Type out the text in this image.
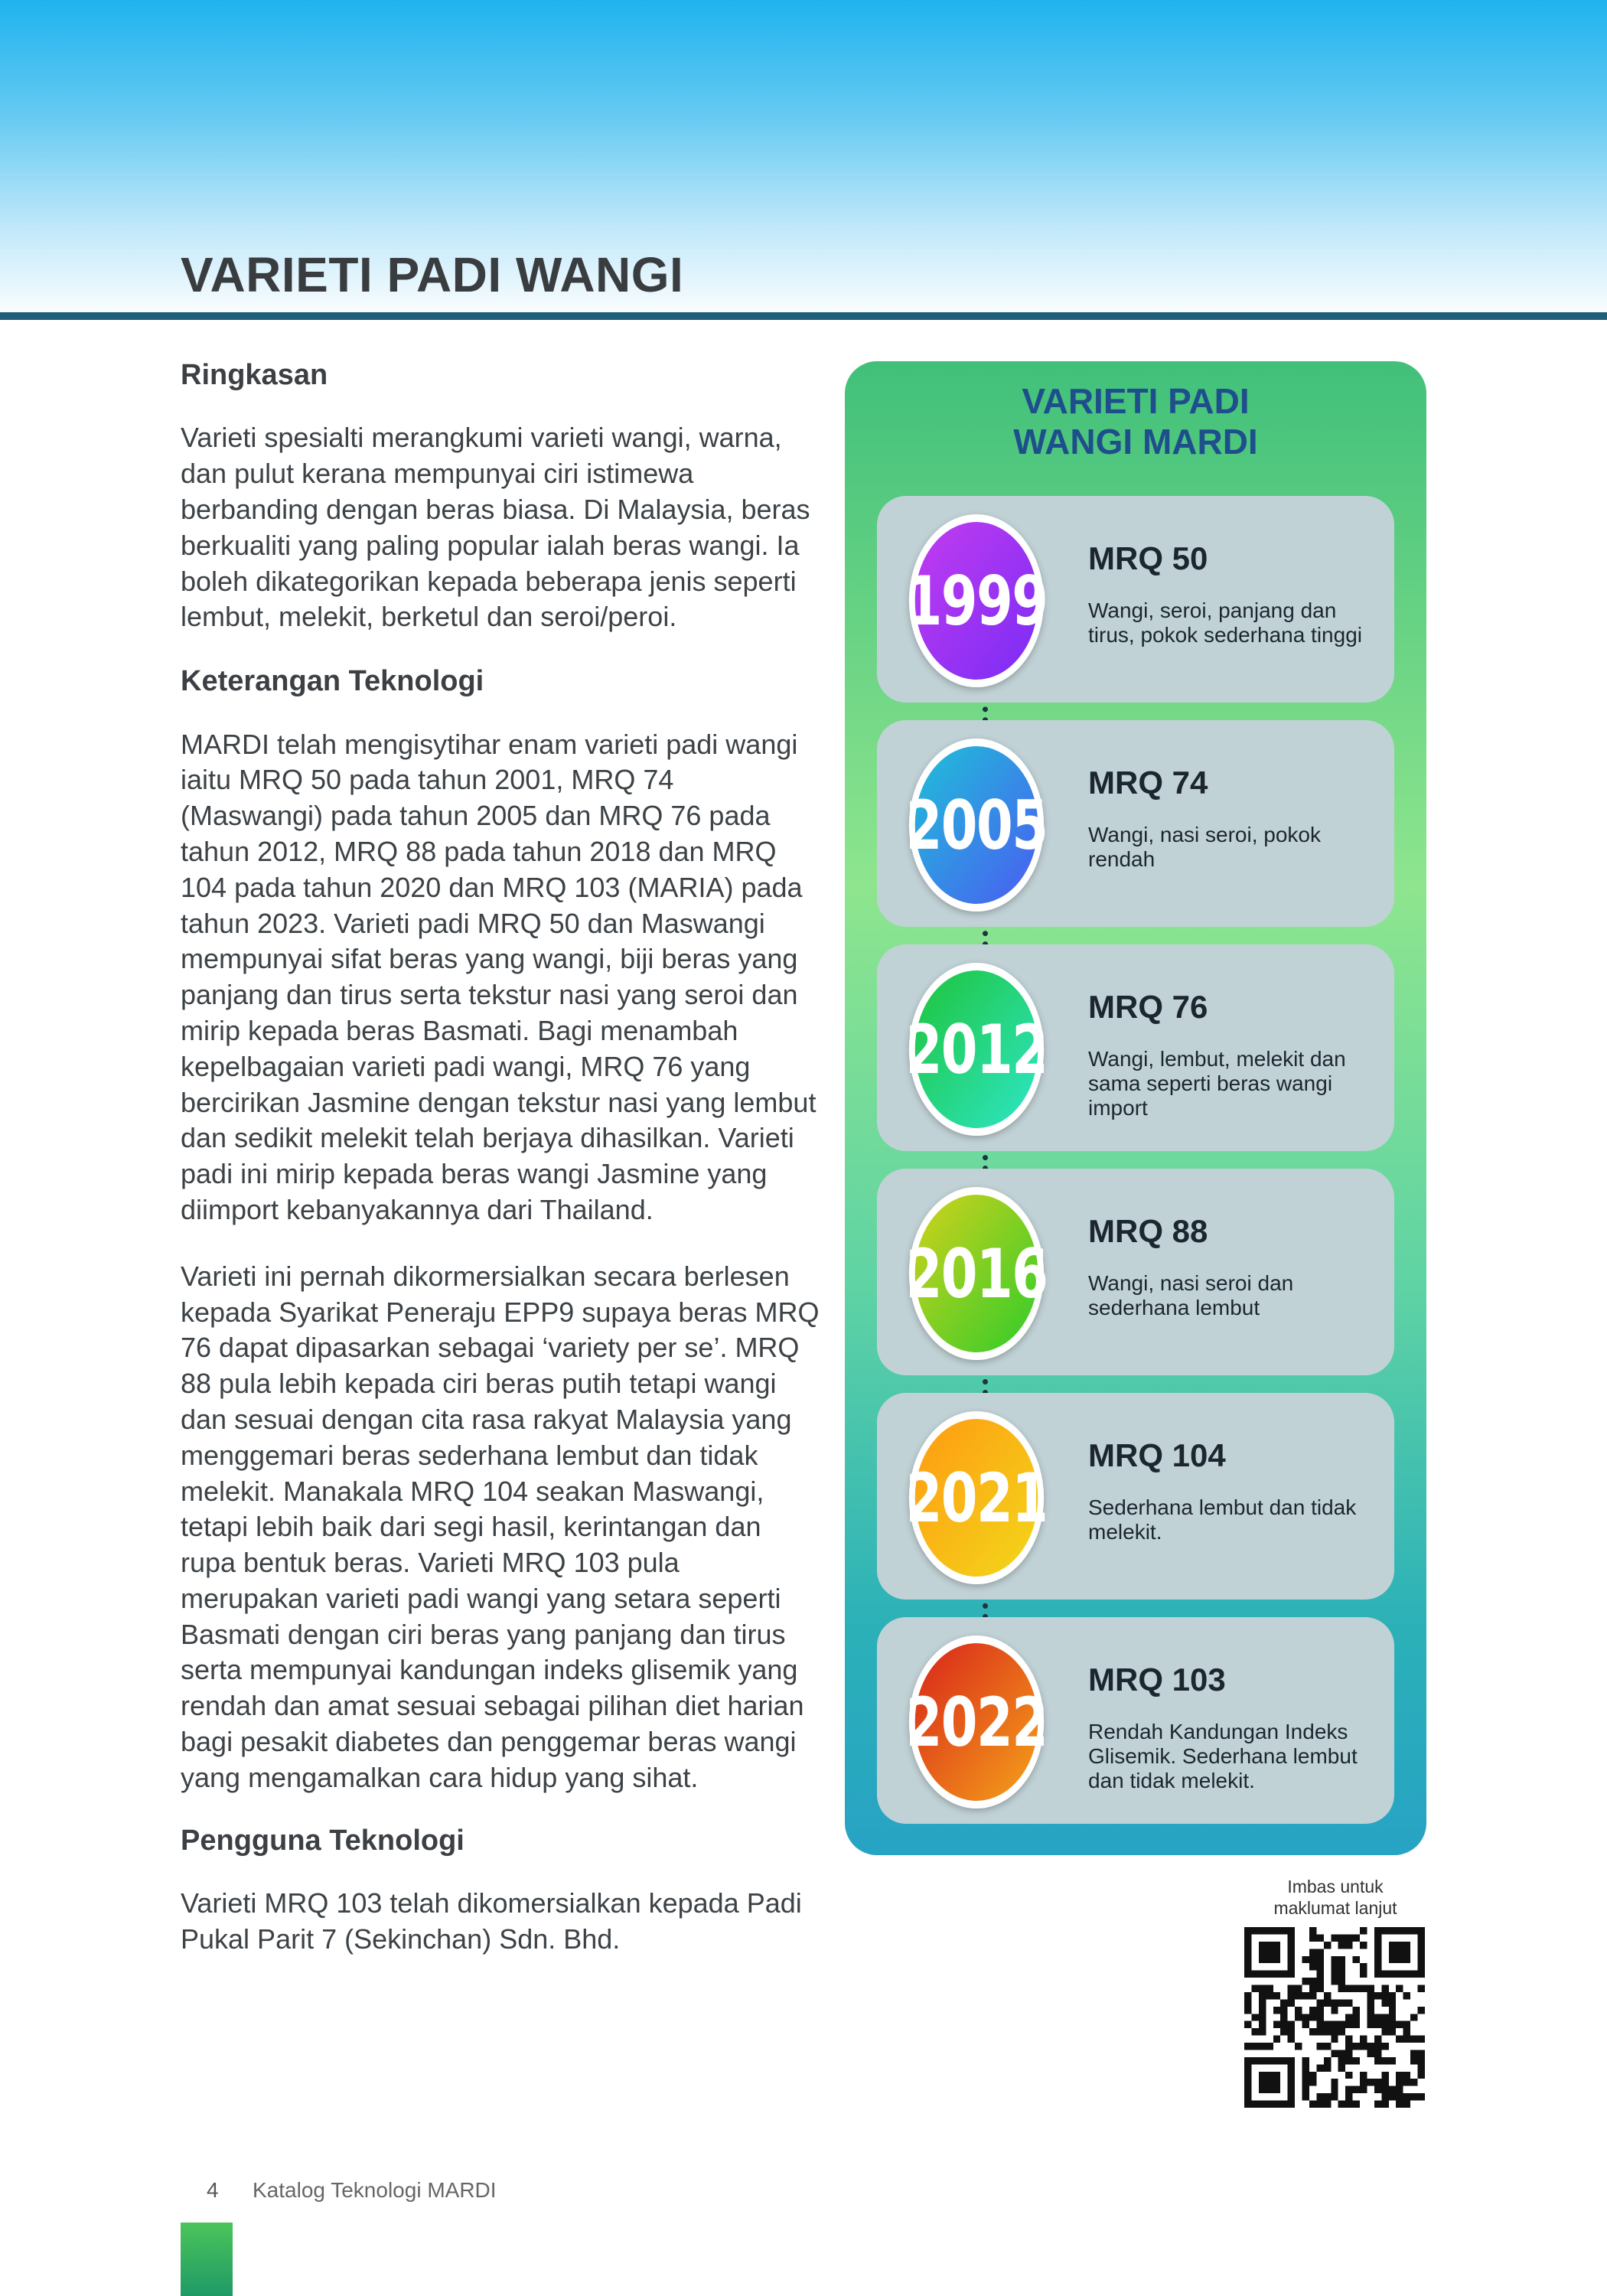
VARIETI PADI WANGI
Ringkasan

Varieti spesialti merangkumi varieti wangi, warna, dan pulut kerana mempunyai ciri istimewa berbanding dengan beras biasa. Di Malaysia, beras berkualiti yang paling popular ialah beras wangi. Ia boleh dikategorikan kepada beberapa jenis seperti lembut, melekit, berketul dan seroi/peroi.

Keterangan Teknologi

MARDI telah mengisytihar enam varieti padi wangi iaitu MRQ 50 pada tahun 2001, MRQ 74 (Maswangi) pada tahun 2005 dan MRQ 76 pada tahun 2012, MRQ 88 pada tahun 2018 dan MRQ 104 pada tahun 2020 dan MRQ 103 (MARIA) pada tahun 2023. Varieti padi MRQ 50 dan Maswangi mempunyai sifat beras yang wangi, biji beras yang panjang dan tirus serta tekstur nasi yang seroi dan mirip kepada beras Basmati. Bagi menambah kepelbagaian varieti padi wangi, MRQ 76 yang bercirikan Jasmine dengan tekstur nasi yang lembut dan sedikit melekit telah berjaya dihasilkan. Varieti padi ini mirip kepada beras wangi Jasmine yang diimport kebanyakannya dari Thailand.

Varieti ini pernah dikormersialkan secara berlesen kepada Syarikat Peneraju EPP9 supaya beras MRQ 76 dapat dipasarkan sebagai ‘variety per se’. MRQ 88 pula lebih kepada ciri beras putih tetapi wangi dan sesuai dengan cita rasa rakyat Malaysia yang menggemari beras sederhana lembut dan tidak melekit. Manakala MRQ 104 seakan Maswangi, tetapi lebih baik dari segi hasil, kerintangan dan rupa bentuk beras. Varieti MRQ 103 pula merupakan varieti padi wangi yang setara seperti Basmati dengan ciri beras yang panjang dan tirus serta mempunyai kandungan indeks glisemik yang rendah dan amat sesuai sebagai pilihan diet harian bagi pesakit diabetes dan penggemar beras wangi yang mengamalkan cara hidup yang sihat.

Pengguna Teknologi

Varieti MRQ 103 telah dikomersialkan kepada Padi Pukal Parit 7 (Sekinchan) Sdn. Bhd.

VARIETI PADI
WANGI MARDI
1999
MRQ 50

Wangi, seroi, panjang dan tirus, pokok sederhana tinggi

2005
MRQ 74

Wangi, nasi seroi, pokok rendah

2012
MRQ 76

Wangi, lembut, melekit dan sama seperti beras wangi import

2016
MRQ 88

Wangi, nasi seroi dan sederhana lembut

2021
MRQ 104

Sederhana lembut dan tidak melekit.

2022
MRQ 103

Rendah Kandungan Indeks Glisemik. Sederhana lembut dan tidak melekit.

Imbas untuk
maklumat lanjut
4 Katalog Teknologi MARDI
